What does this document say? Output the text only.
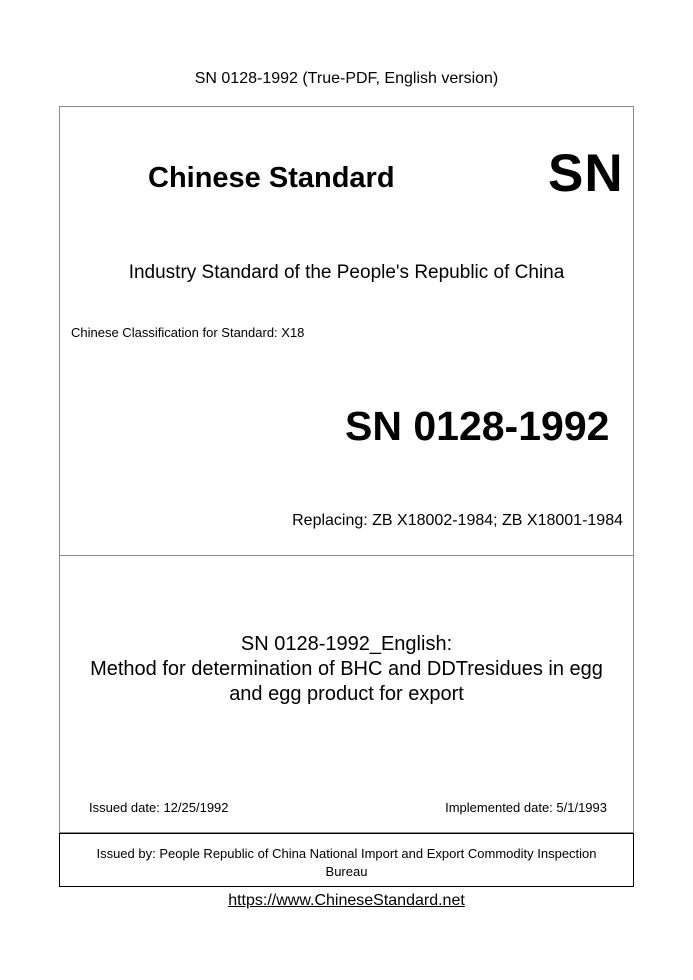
SN 0128-1992 (True-PDF, English version)
Chinese Standard	SN
Industry Standard of the People's Republic of China
Chinese Classification for Standard: X18
SN 0128-1992
Replacing: ZB X18002-1984; ZB X18001-1984
SN 0128-1992_English:
Method for determination of BHC and DDTresidues in egg
and egg product for export
Issued date: 12/25/1992	Implemented date: 5/1/1993
Issued by: People Republic of China National Import and Export Commodity Inspection
Bureau
https://www.ChineseStandard.net
